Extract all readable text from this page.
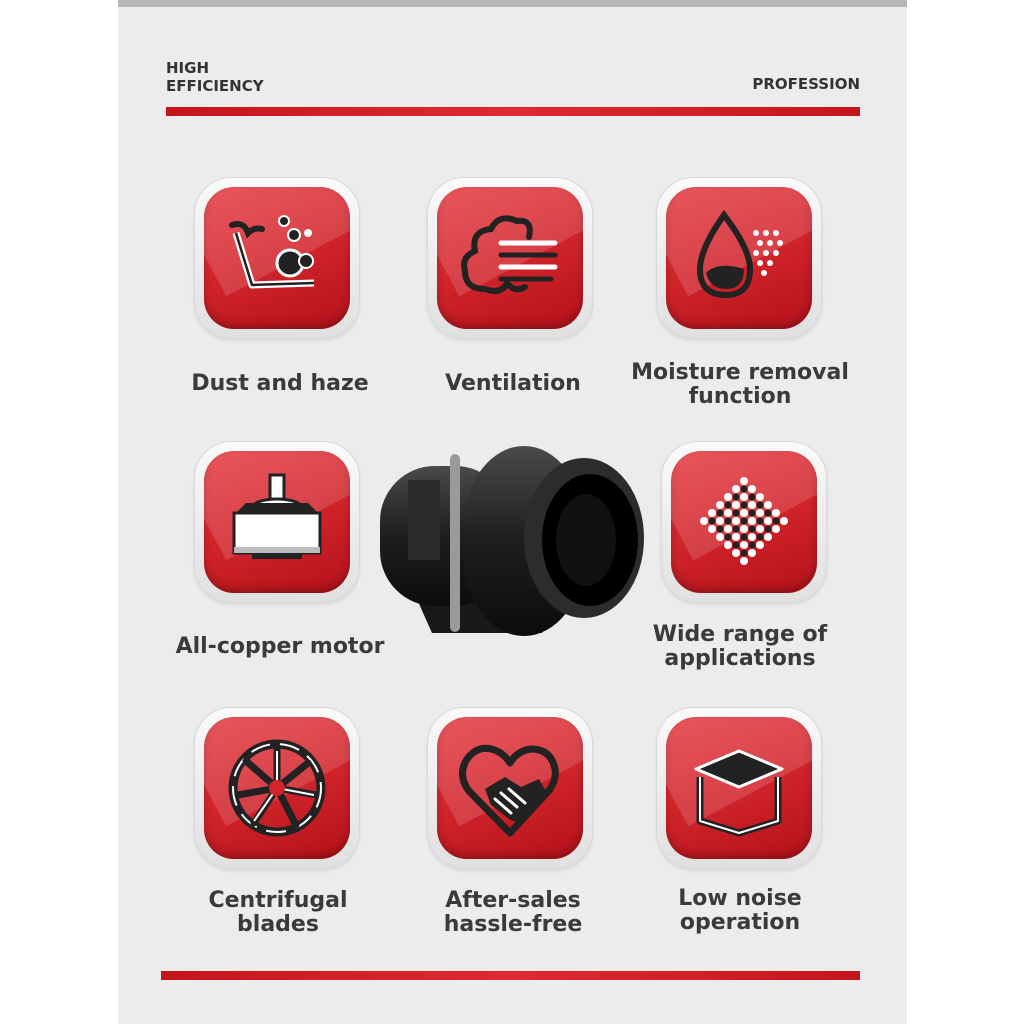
HIGH
EFFICIENCY	PROFESSION
Dust and haze	Ventilation	Moisture removal
function
All-copper motor	Wide range of
applications
Centrifugal
blades
After-sales
hassle-free
Low noise
operation
